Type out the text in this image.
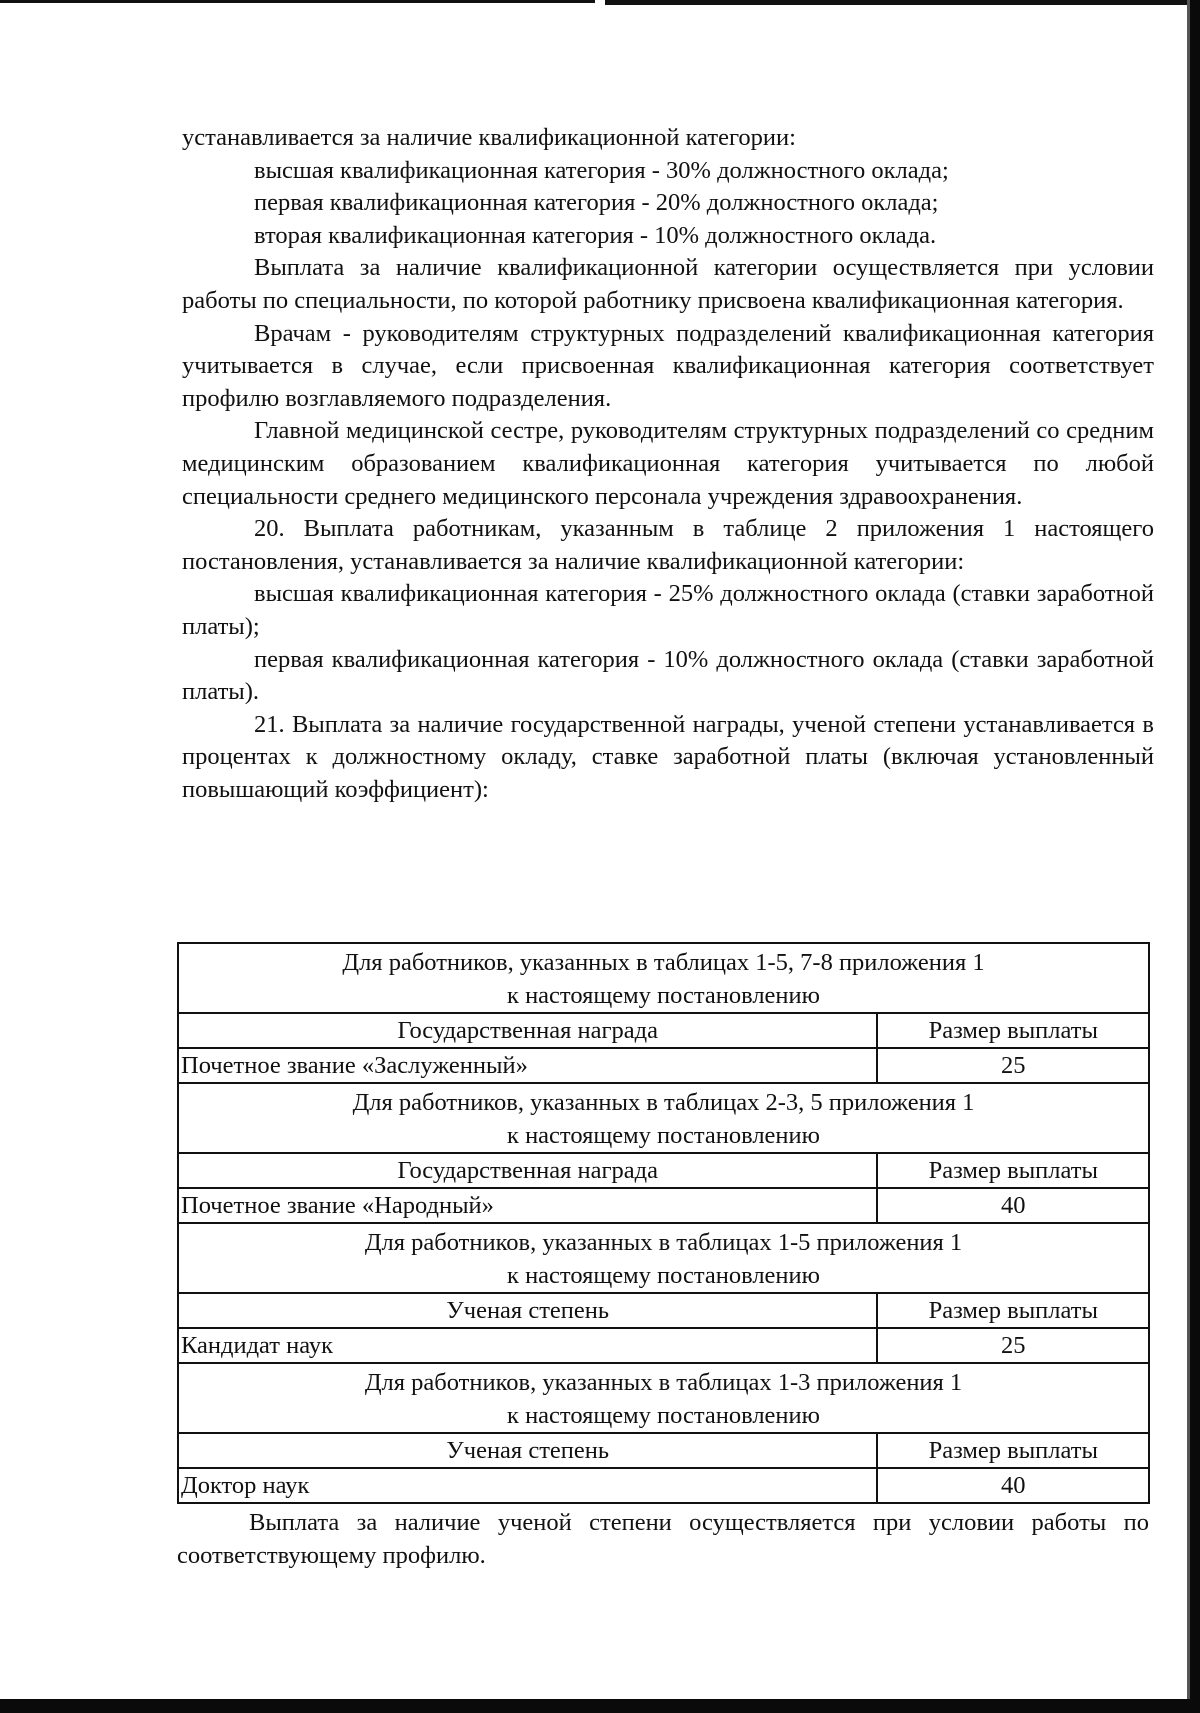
устанавливается за наличие квалификационной категории:

высшая квалификационная категория - 30% должностного оклада;

первая квалификационная категория - 20% должностного оклада;

вторая квалификационная категория - 10% должностного оклада.

Выплата за наличие квалификационной категории осуществляется при условии работы по специальности, по которой работнику присвоена квалификационная категория.

Врачам - руководителям структурных подразделений квалификационная категория учитывается в случае, если присвоенная квалификационная категория соответствует профилю возглавляемого подразделения.

Главной медицинской сестре, руководителям структурных подразделений со средним медицинским образованием квалификационная категория учитывается по любой специальности среднего медицинского персонала учреждения здравоохранения.

20. Выплата работникам, указанным в таблице 2 приложения 1 настоящего постановления, устанавливается за наличие квалификационной категории:

высшая квалификационная категория - 25% должностного оклада (ставки заработной платы);

первая квалификационная категория - 10% должностного оклада (ставки заработной платы).

21. Выплата за наличие государственной награды, ученой степени устанавливается в процентах к должностному окладу, ставке заработной платы (включая установленный повышающий коэффициент):

Для работников, указанных в таблицах 1-5, 7-8 приложения 1
к настоящему постановлению	

Государственная награда	Размер выплаты
Почетное звание «Заслуженный»	25

Для работников, указанных в таблицах 2-3, 5 приложения 1
к настоящему постановлению	

Государственная награда	Размер выплаты
Почетное звание «Народный»	40

Для работников, указанных в таблицах 1-5 приложения 1
к настоящему постановлению	

Ученая степень	Размер выплаты
Кандидат наук	25

Для работников, указанных в таблицах 1-3 приложения 1
к настоящему постановлению	

Ученая степень	Размер выплаты
Доктор наук	40

Выплата за наличие ученой степени осуществляется при условии работы по соответствующему профилю.
